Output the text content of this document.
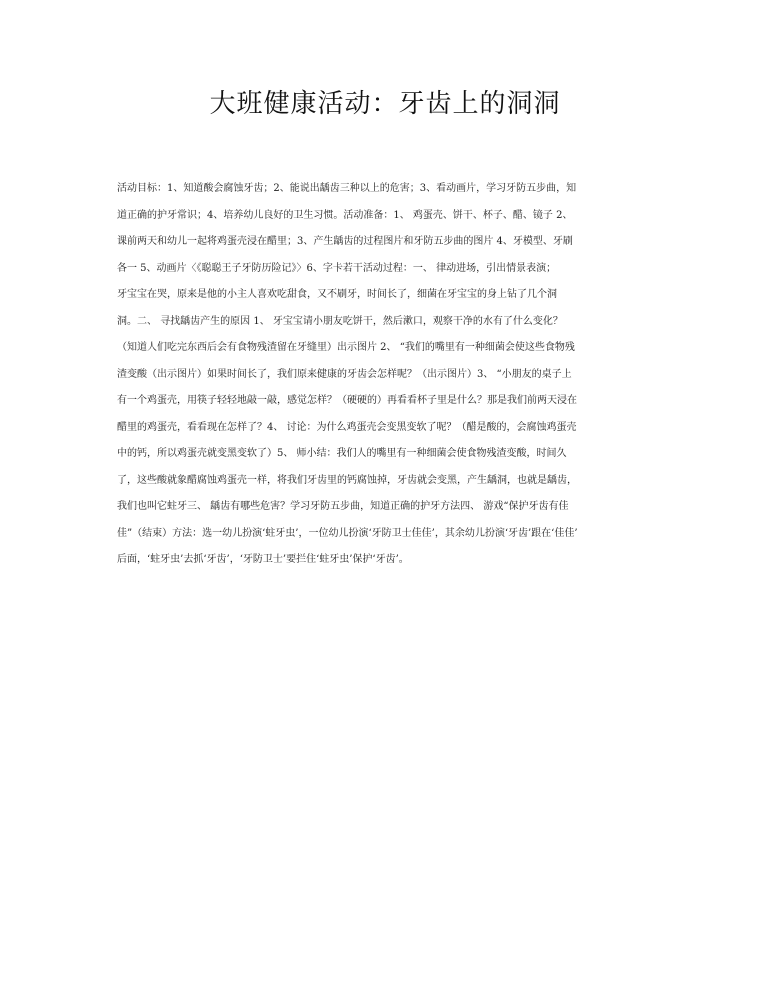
大班健康活动：牙齿上的洞洞
活动目标：1、知道酸会腐蚀牙齿；2、能说出龋齿三种以上的危害；3、看动画片，学习牙防五步曲，知
道正确的护牙常识；4、培养幼儿良好的卫生习惯。活动准备：1、 鸡蛋壳、饼干、杯子、醋、镜子 2、
课前两天和幼儿一起将鸡蛋壳浸在醋里；3、产生龋齿的过程图片和牙防五步曲的图片 4、牙模型、牙刷
各一 5、动画片〈《聪聪王子牙防历险记》〉6、字卡若干活动过程：一、 律动进场，引出情景表演；
牙宝宝在哭，原来是他的小主人喜欢吃甜食，又不刷牙，时间长了，细菌在牙宝宝的身上钻了几个洞
洞。二、 寻找龋齿产生的原因 1、 牙宝宝请小朋友吃饼干，然后漱口，观察干净的水有了什么变化？
（知道人们吃完东西后会有食物残渣留在牙缝里）出示图片 2、 “我们的嘴里有一种细菌会使这些食物残
渣变酸（出示图片）如果时间长了，我们原来健康的牙齿会怎样呢？（出示图片）3、 “小朋友的桌子上
有一个鸡蛋壳，用筷子轻轻地敲一敲，感觉怎样？（硬硬的）再看看杯子里是什么？那是我们前两天浸在
醋里的鸡蛋壳，看看现在怎样了？4、 讨论：为什么鸡蛋壳会变黑变软了呢？（醋是酸的，会腐蚀鸡蛋壳
中的钙，所以鸡蛋壳就变黑变软了）5、 师小结：我们人的嘴里有一种细菌会使食物残渣变酸，时间久
了，这些酸就象醋腐蚀鸡蛋壳一样，将我们牙齿里的钙腐蚀掉，牙齿就会变黑，产生龋洞，也就是龋齿，
我们也叫它蛀牙三、 龋齿有哪些危害？学习牙防五步曲，知道正确的护牙方法四、 游戏“保护牙齿有佳
佳”（结束）方法：选一幼儿扮演‘蛀牙虫’，一位幼儿扮演‘牙防卫士佳佳’，其余幼儿扮演‘牙齿’跟在‘佳佳’
后面，‘蛀牙虫’去抓‘牙齿’，‘牙防卫士’要拦住‘蛀牙虫’保护‘牙齿’。
